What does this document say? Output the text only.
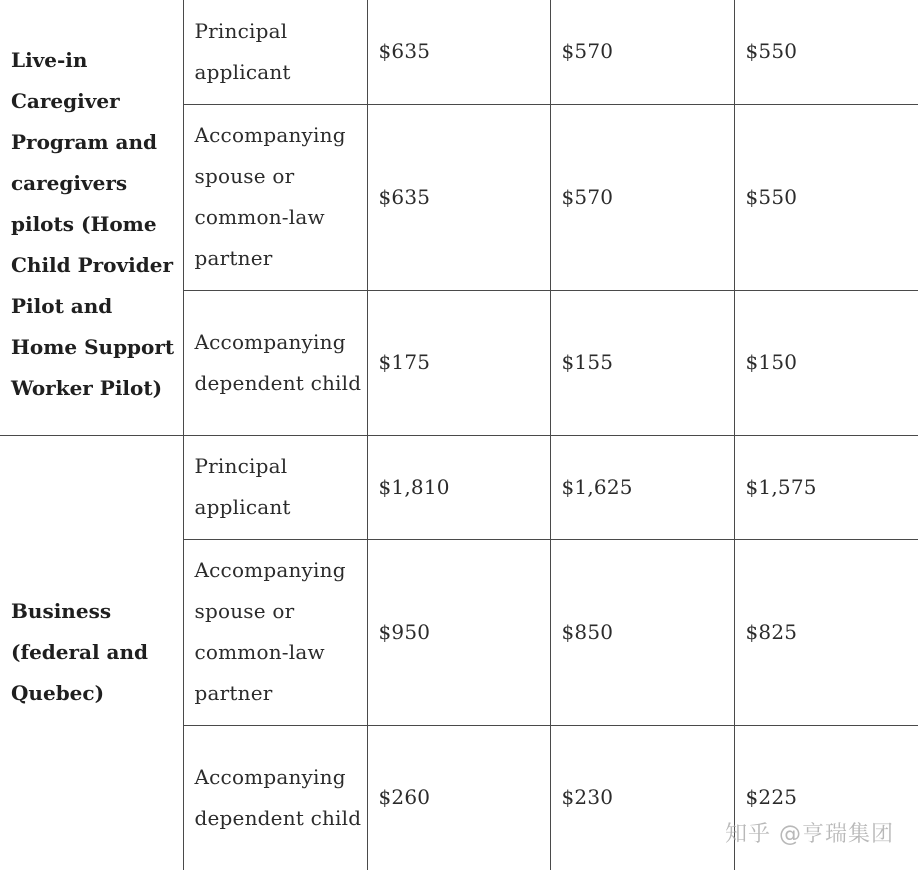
Live-in Caregiver Program and caregivers pilots (Home Child Provider Pilot and Home Support Worker Pilot)	Principal applicant	$635	$570	$550
	Accompanying spouse or common-law partner	$635	$570	$550
	Accompanying dependent child	$175	$155	$150
Business (federal and Quebec)	Principal applicant	$1,810	$1,625	$1,575
	Accompanying spouse or common-law partner	$950	$850	$825
	Accompanying dependent child	$260	$230	$225
知乎 @亨瑞集团
